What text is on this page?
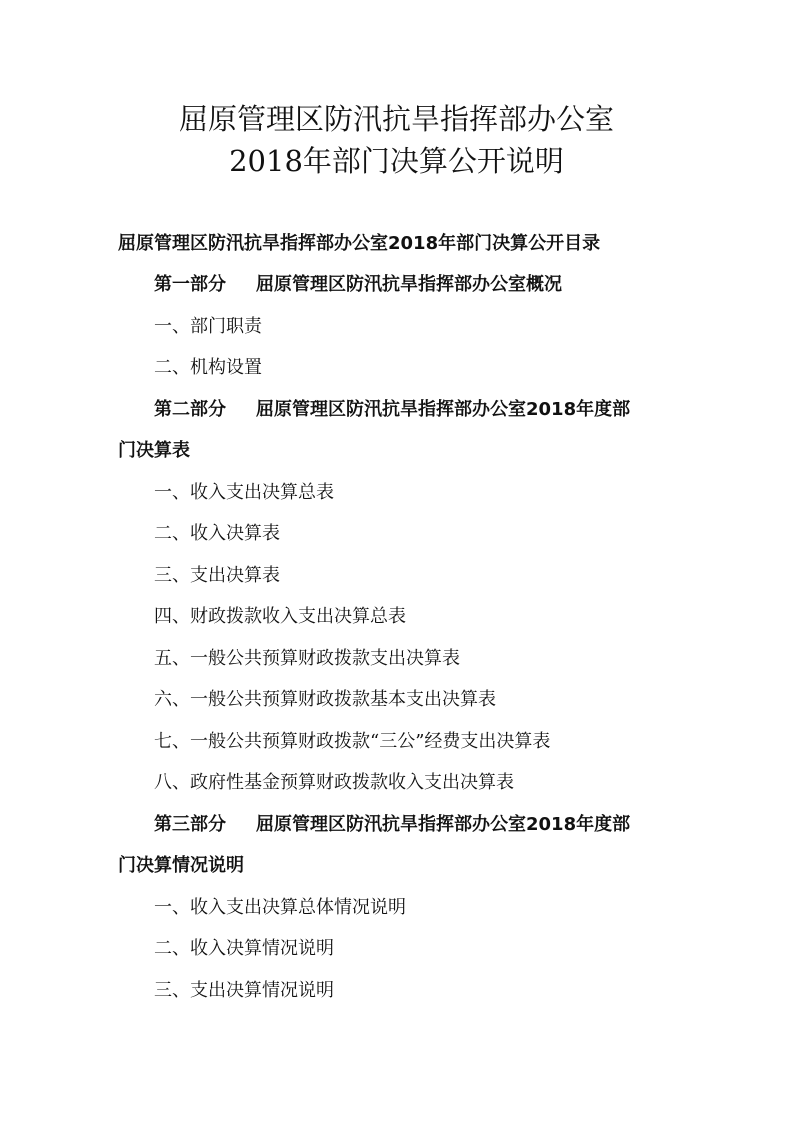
屈原管理区防汛抗旱指挥部办公室
2018年部门决算公开说明

屈原管理区防汛抗旱指挥部办公室2018年部门决算公开目录

第一部分 屈原管理区防汛抗旱指挥部办公室概况

一、部门职责

二、机构设置

第二部分 屈原管理区防汛抗旱指挥部办公室2018年度部

门决算表

一、收入支出决算总表

二、收入决算表

三、支出决算表

四、财政拨款收入支出决算总表

五、一般公共预算财政拨款支出决算表

六、一般公共预算财政拨款基本支出决算表

七、一般公共预算财政拨款“三公”经费支出决算表

八、政府性基金预算财政拨款收入支出决算表

第三部分 屈原管理区防汛抗旱指挥部办公室2018年度部

门决算情况说明

一、收入支出决算总体情况说明

二、收入决算情况说明

三、支出决算情况说明
